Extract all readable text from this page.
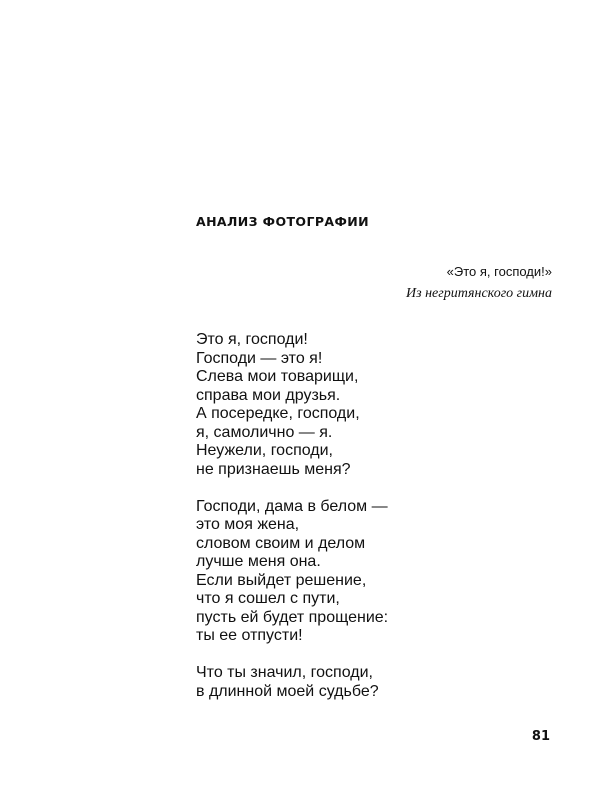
АНАЛИЗ ФОТОГРАФИИ
«Это я, господи!»
Из негритянского гимна
Это я, господи!
Господи — это я!
Слева мои товарищи,
справа мои друзья.
А посередке, господи,
я, самолично — я.
Неужели, господи,
не признаешь меня?
Господи, дама в белом —
это моя жена,
словом своим и делом
лучше меня она.
Если выйдет решение,
что я сошел с пути,
пусть ей будет прощение:
ты ее отпусти!
Что ты значил, господи,
в длинной моей судьбе?
81
